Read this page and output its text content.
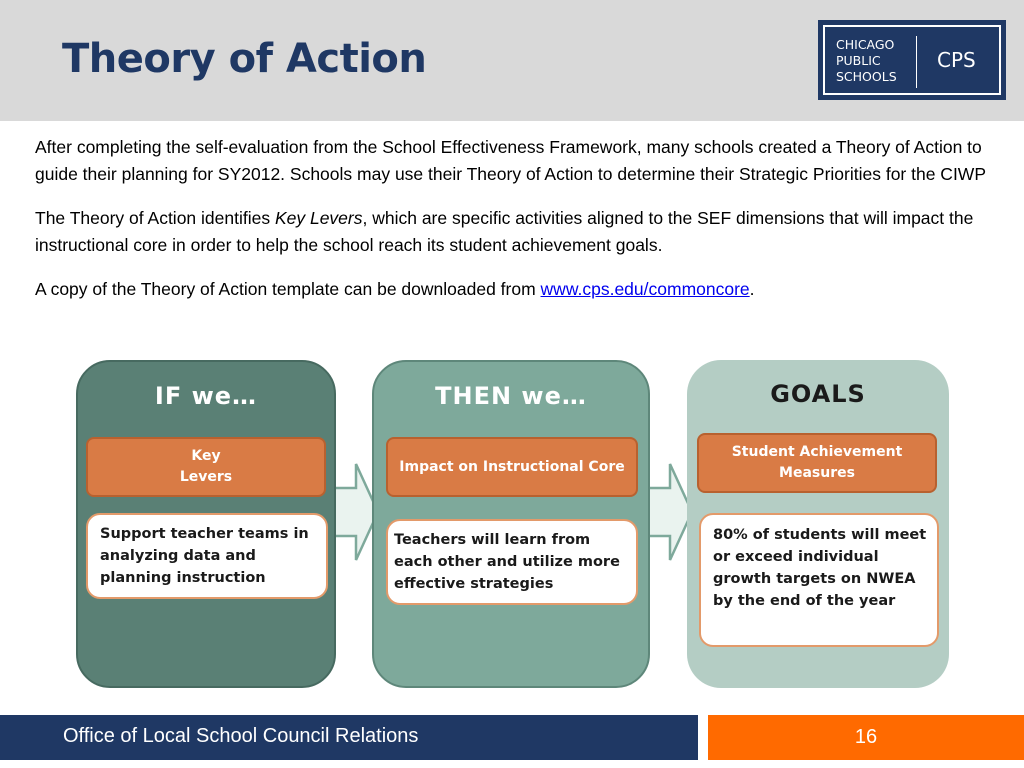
Theory of Action	CHICAGO
PUBLIC
SCHOOLS
CPS

After completing the self-evaluation from the School Effectiveness Framework, many schools created a Theory of Action to guide their planning for SY2012. Schools may use their Theory of Action to determine their Strategic Priorities for the CIWP

The Theory of Action identifies Key Levers, which are specific activities aligned to the SEF dimensions that will impact the instructional core in order to help the school reach its student achievement goals.

A copy of the Theory of Action template can be downloaded from www.cps.edu/commoncore.

IF we…
Key
Levers
Support teacher teams in analyzing data and planning instruction
THEN we…
Impact on Instructional Core
Teachers will learn from each other and utilize more effective strategies
GOALS
Student Achievement Measures
80% of students will meet or exceed individual growth targets on NWEA by the end of the year
Office of Local School Council Relations	16
